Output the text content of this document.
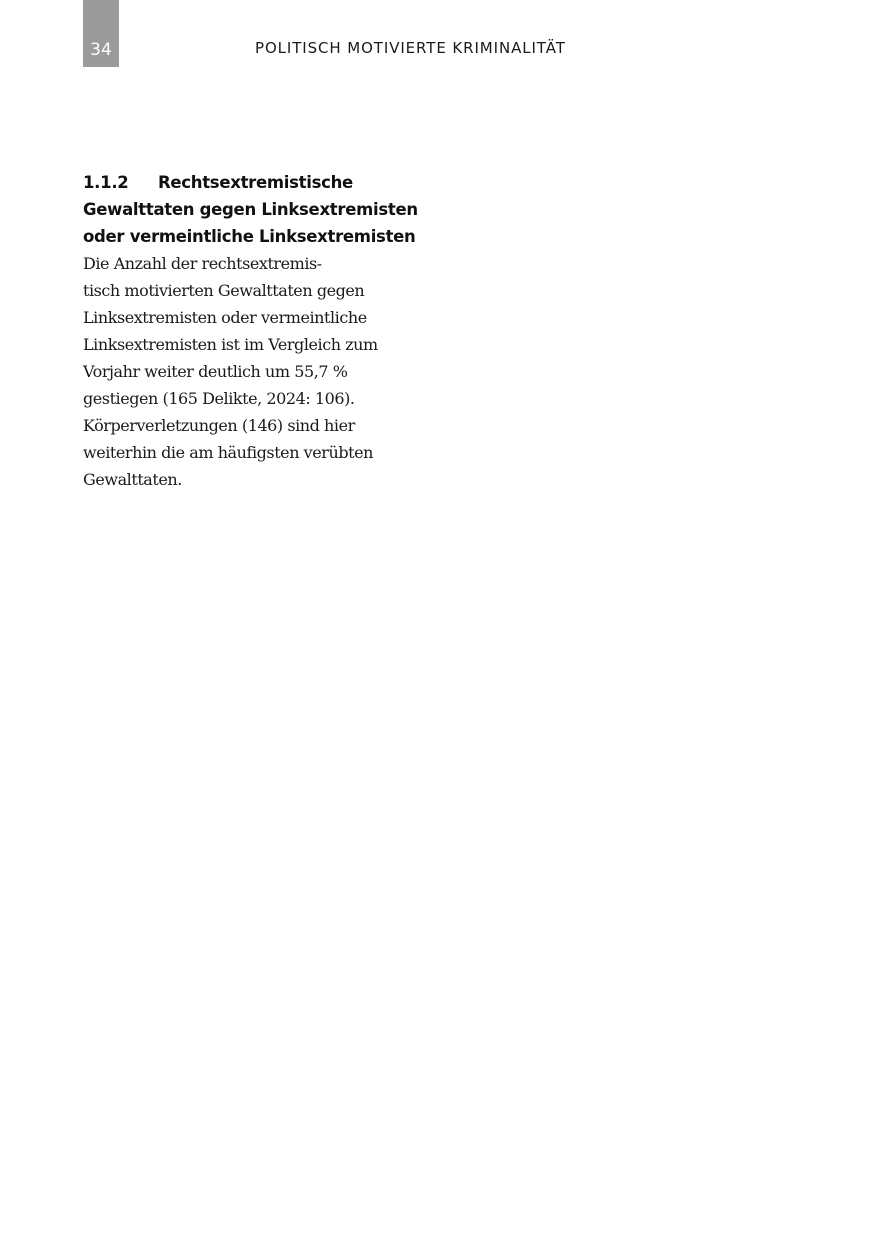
34	POLITISCH MOTIVIERTE KRIMINALITÄT
1.1.2 Rechtsextremistische
Gewalttaten gegen Linksextremisten
oder vermeintliche Linksextremisten

Die Anzahl der rechtsextremis-
tisch motivierten Gewalttaten gegen
Linksextremisten oder vermeintliche
Linksextremisten ist im Vergleich zum
Vorjahr weiter deutlich um 55,7 %
gestiegen (165 Delikte, 2024: 106).
Körperverletzungen (146) sind hier
weiterhin die am häufigsten verübten
Gewalttaten.
